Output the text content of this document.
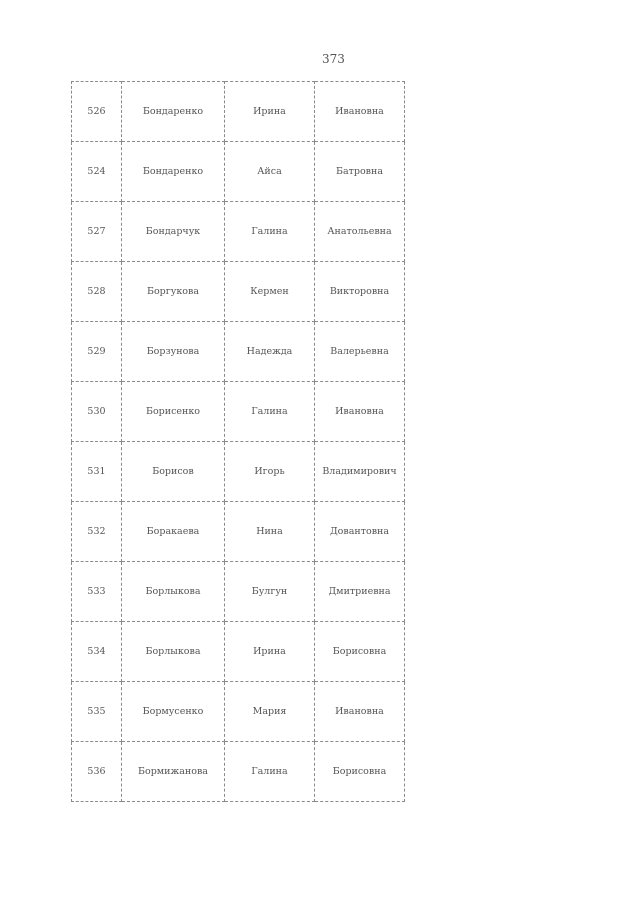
373
526	Бондаренко	Ирина	Ивановна
524	Бондаренко	Айса	Батровна
527	Бондарчук	Галина	Анатольевна
528	Боргукова	Кермен	Викторовна
529	Борзунова	Надежда	Валерьевна
530	Борисенко	Галина	Ивановна
531	Борисов	Игорь	Владимирович
532	Боракаева	Нина	Довантовна
533	Борлыкова	Булгун	Дмитриевна
534	Борлыкова	Ирина	Борисовна
535	Бормусенко	Мария	Ивановна
536	Бормижанова	Галина	Борисовна
